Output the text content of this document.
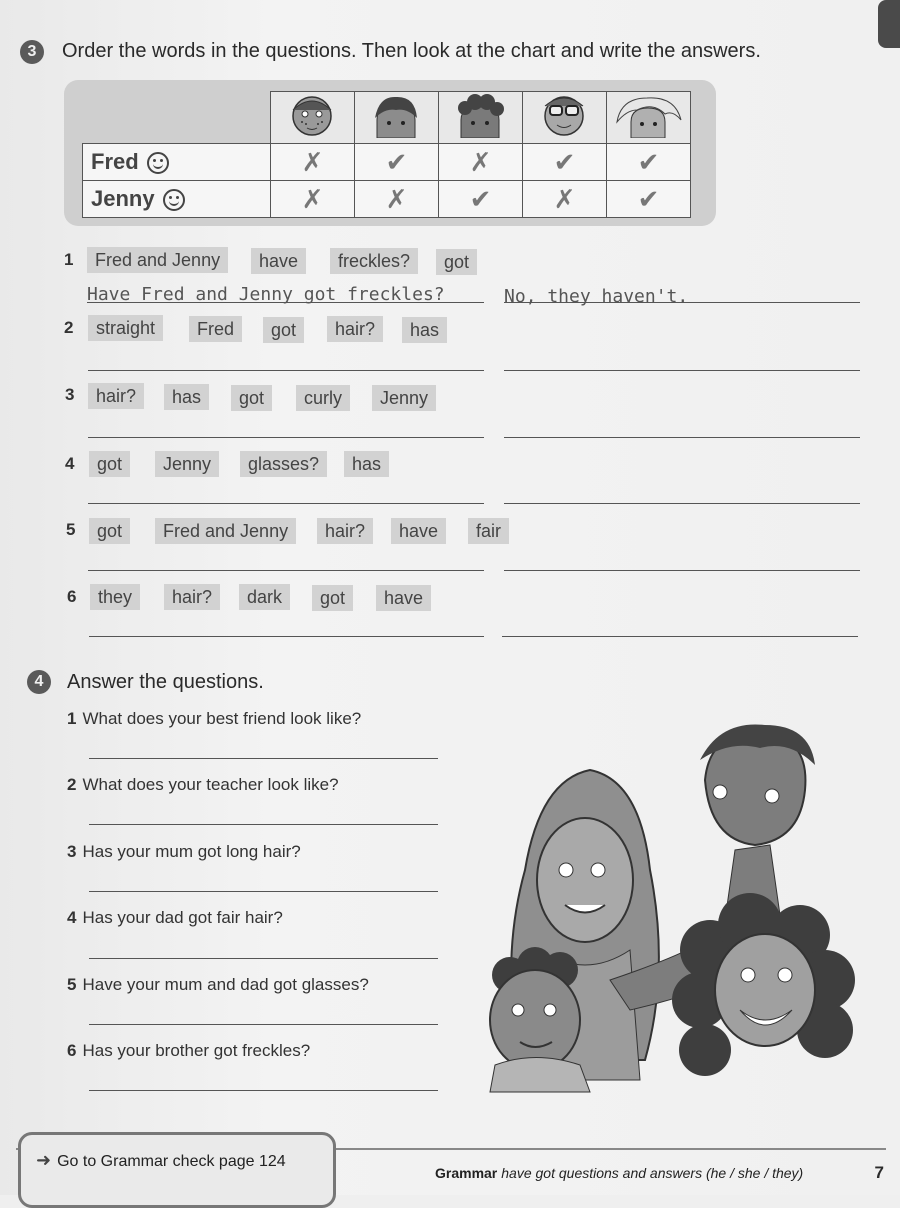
3	Order the words in the questions. Then look at the chart and write the answers.

Fred	✗	✔	✗	✔	✔
Jenny	✗	✗	✔	✗	✔
1	Fred and Jenny	have	freckles?	got
Have Fred and Jenny got freckles?	No, they haven't.
2	straight	Fred	got	hair?	has
3	hair?	has	got	curly	Jenny
4	got	Jenny	glasses?	has
5	got	Fred and Jenny	hair?	have	fair
6	they	hair?	dark	got	have
4	Answer the questions.
1 What does your best friend look like?
2 What does your teacher look like?
3 Has your mum got long hair?
4 Has your dad got fair hair?
5 Have your mum and dad got glasses?
6 Has your brother got freckles?
➜ Go to Grammar check page 124
Grammar have got questions and answers (he / she / they)	7
